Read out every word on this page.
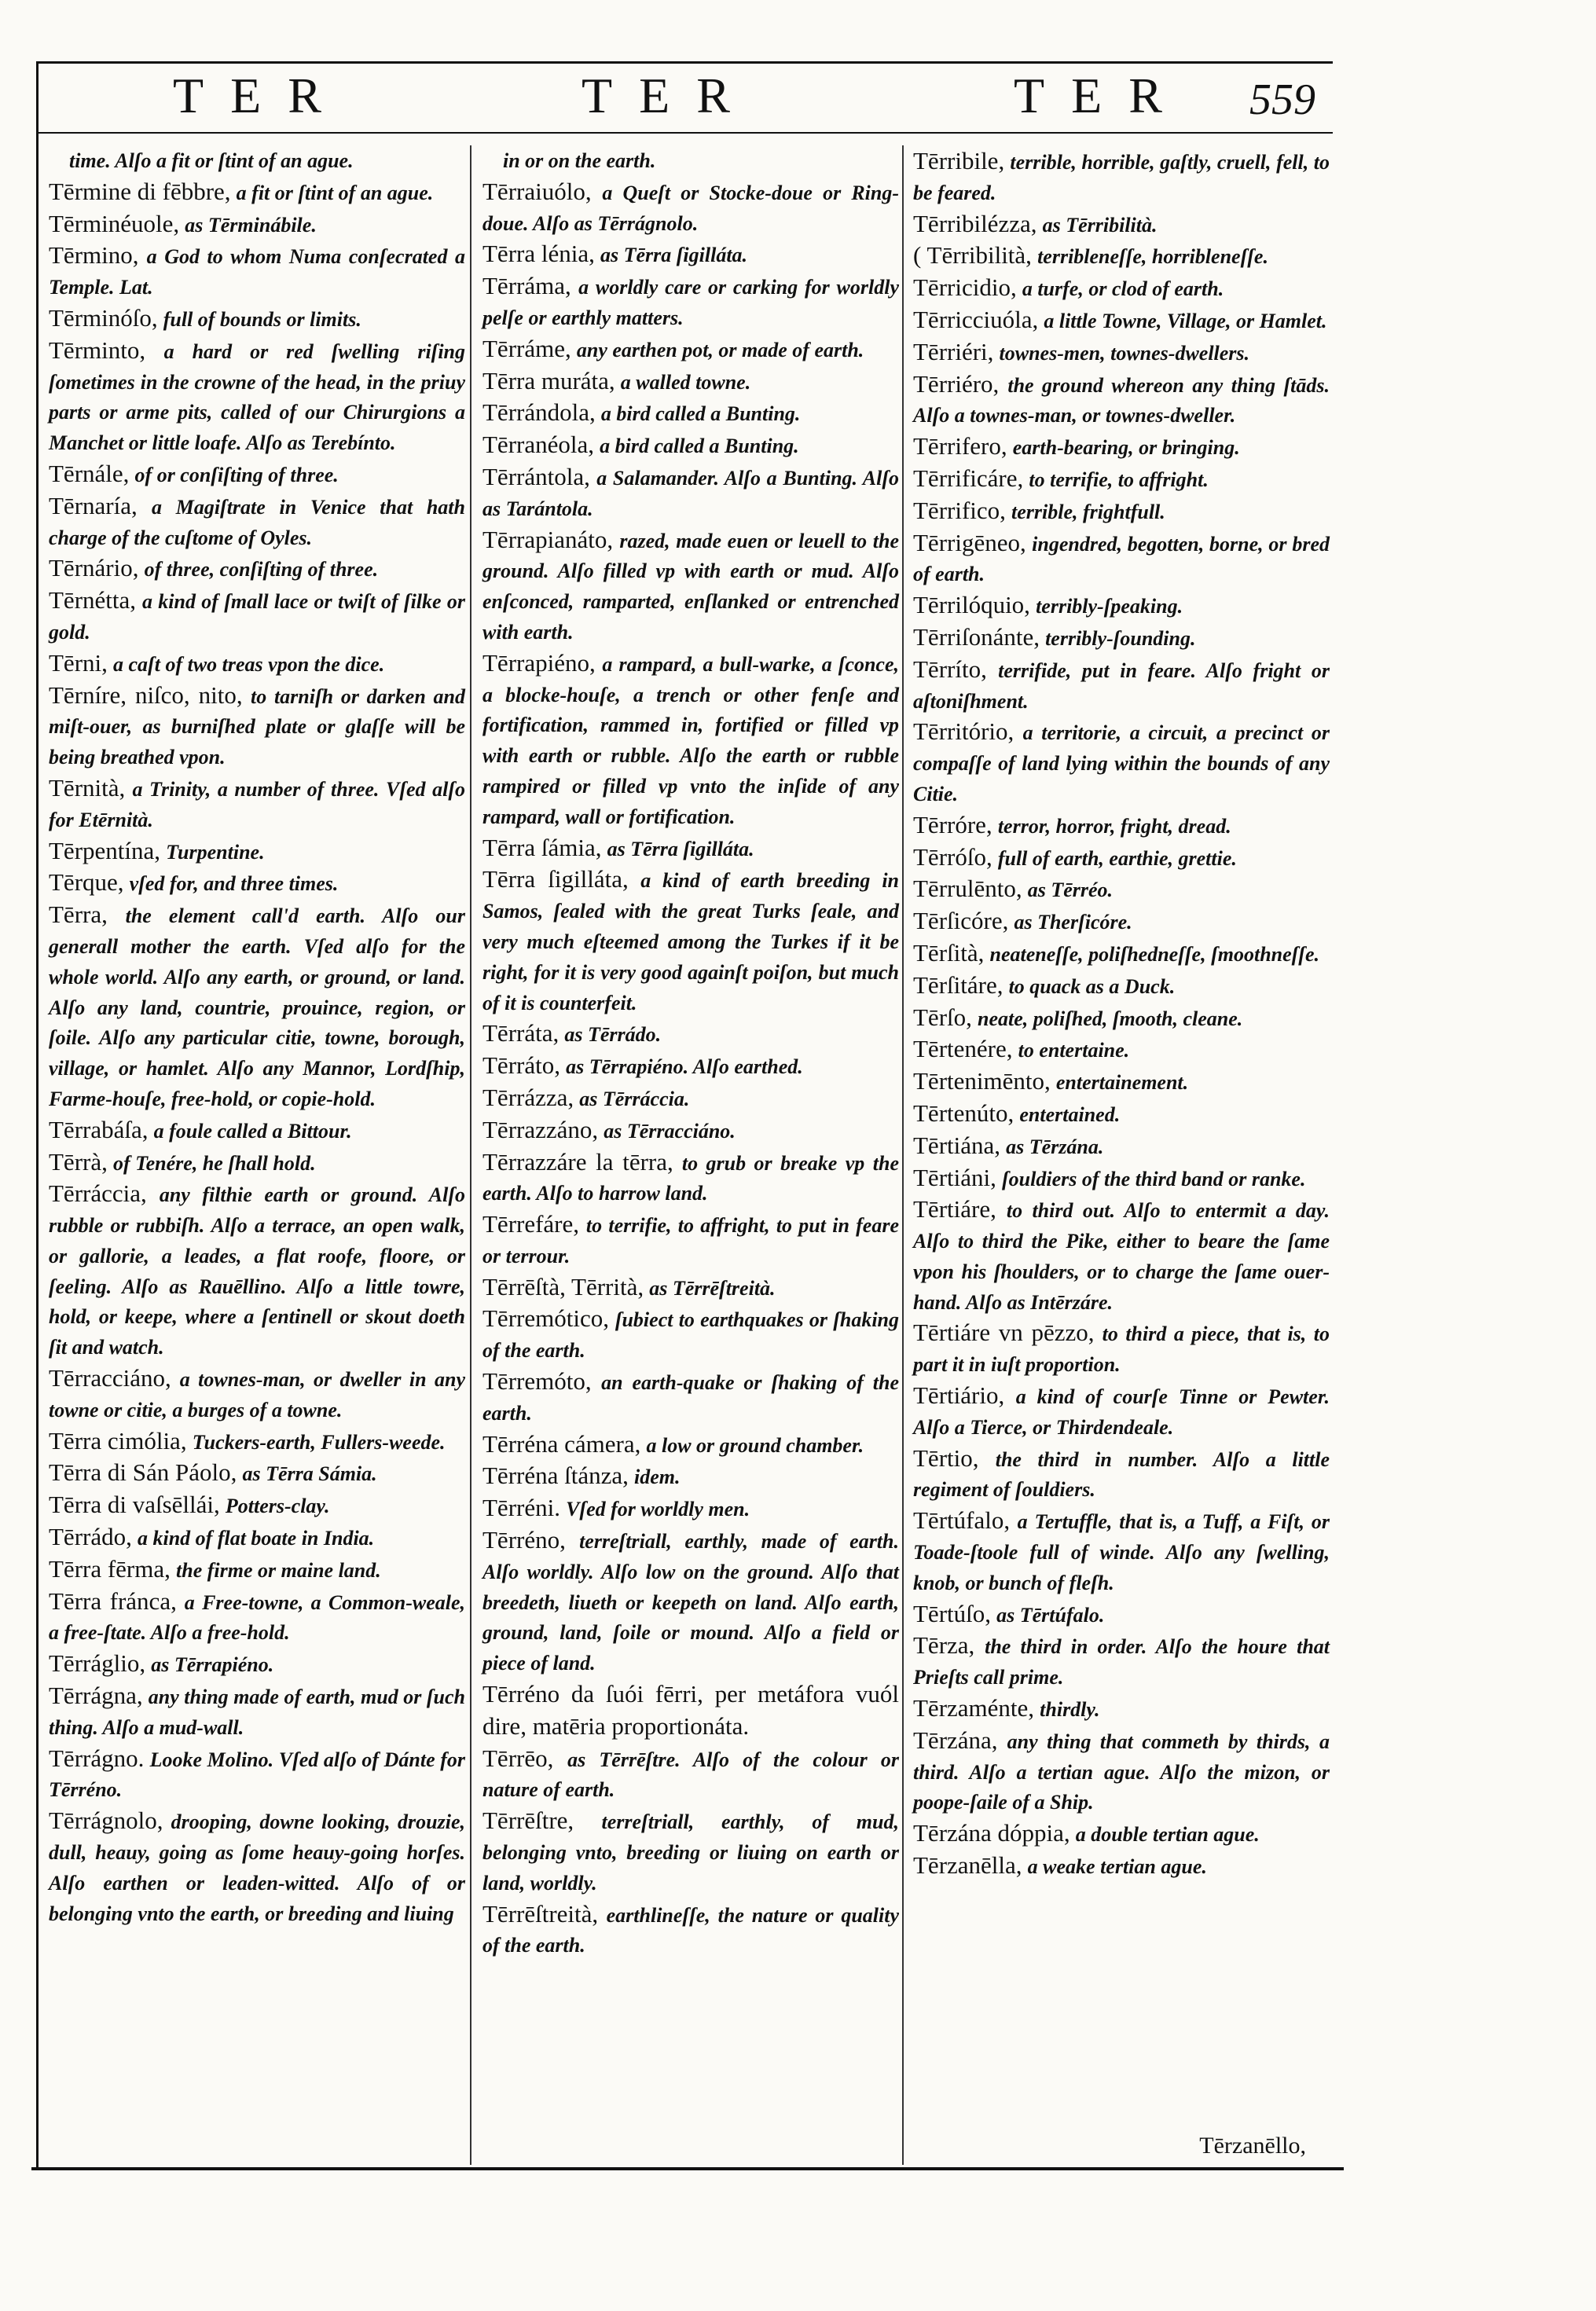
TER	TER	TER 559

time. Alſo a fit or ſtint of an ague.

Tērmine di fēbbre, a fit or ſtint of an ague.

Tērminéuole, as Tērminábile.

Tērmino, a God to whom Numa conſecrated a Temple. Lat.

Tērminóſo, full of bounds or limits.

Tērminto, a hard or red ſwelling riſing ſometimes in the crowne of the head, in the priuy parts or arme pits, called of our Chirurgions a Manchet or little loafe. Alſo as Terebínto.

Tērnále, of or conſiſting of three.

Tērnaría, a Magiſtrate in Venice that hath charge of the cuſtome of Oyles.

Tērnário, of three, conſiſting of three.

Tērnétta, a kind of ſmall lace or twiſt of ſilke or gold.

Tērni, a caſt of two treas vpon the dice.

Tērníre, niſco, nito, to tarniſh or darken and miſt-ouer, as burniſhed plate or glaſſe will be being breathed vpon.

Tērnità, a Trinity, a number of three. Vſed alſo for Etērnità.

Tērpentína, Turpentine.

Tērque, vſed for, and three times.

Tērra, the element call'd earth. Alſo our generall mother the earth. Vſed alſo for the whole world. Alſo any earth, or ground, or land. Alſo any land, countrie, prouince, region, or ſoile. Alſo any particular citie, towne, borough, village, or hamlet. Alſo any Mannor, Lordſhip, Farme-houſe, free-hold, or copie-hold.

Tērrabáſa, a foule called a Bittour.

Tērrà, of Tenére, he ſhall hold.

Tērráccia, any filthie earth or ground. Alſo rubble or rubbiſh. Alſo a terrace, an open walk, or gallorie, a leades, a flat roofe, floore, or ſeeling. Alſo as Rauēllino. Alſo a little towre, hold, or keepe, where a ſentinell or skout doeth ſit and watch.

Tērracciáno, a townes-man, or dweller in any towne or citie, a burges of a towne.

Tērra cimólia, Tuckers-earth, Fullers-weede.

Tērra di Sán Páolo, as Tērra Sámia.

Tērra di vaſsēllái, Potters-clay.

Tērrádo, a kind of flat boate in India.

Tērra fērma, the firme or maine land.

Tērra fránca, a Free-towne, a Common-weale, a free-ſtate. Alſo a free-hold.

Tērráglio, as Tērrapiéno.

Tērrágna, any thing made of earth, mud or ſuch thing. Alſo a mud-wall.

Tērrágno. Looke Molino. Vſed alſo of Dánte for Tērréno.

Tērrágnolo, drooping, downe looking, drouzie, dull, heauy, going as ſome heauy-going horſes. Alſo earthen or leaden-witted. Alſo of or belonging vnto the earth, or breeding and liuing

in or on the earth.

Tērraiuólo, a Queſt or Stocke-doue or Ring-doue. Alſo as Tērrágnolo.

Tērra lénia, as Tērra ſigilláta.

Tērráma, a worldly care or carking for worldly pelſe or earthly matters.

Tērráme, any earthen pot, or made of earth.

Tērra muráta, a walled towne.

Tērrándola, a bird called a Bunting.

Tērranéola, a bird called a Bunting.

Tērrántola, a Salamander. Alſo a Bunting. Alſo as Tarántola.

Tērrapianáto, razed, made euen or leuell to the ground. Alſo filled vp with earth or mud. Alſo enſconced, ramparted, enſlanked or entrenched with earth.

Tērrapiéno, a rampard, a bull-warke, a ſconce, a blocke-houſe, a trench or other fenſe and fortification, rammed in, fortified or filled vp with earth or rubble. Alſo the earth or rubble rampired or filled vp vnto the inſide of any rampard, wall or fortification.

Tērra ſámia, as Tērra ſigilláta.

Tērra ſigilláta, a kind of earth breeding in Samos, ſealed with the great Turks ſeale, and very much eſteemed among the Turkes if it be right, for it is very good againſt poiſon, but much of it is counterfeit.

Tērráta, as Tērrádo.

Tērráto, as Tērrapiéno. Alſo earthed.

Tērrázza, as Tērráccia.

Tērrazzáno, as Tērracciáno.

Tērrazzáre la tērra, to grub or breake vp the earth. Alſo to harrow land.

Tērrefáre, to terrifie, to affright, to put in feare or terrour.

Tērrēſtà, Tērrità, as Tērrēſtreità.

Tērremótico, ſubiect to earthquakes or ſhaking of the earth.

Tērremóto, an earth-quake or ſhaking of the earth.

Tērréna cámera, a low or ground chamber.

Tērréna ſtánza, idem.

Tērréni. Vſed for worldly men.

Tērréno, terreſtriall, earthly, made of earth. Alſo worldly. Alſo low on the ground. Alſo that breedeth, liueth or keepeth on land. Alſo earth, ground, land, ſoile or mound. Alſo a field or piece of land.

Tērréno da ſuói fērri, per metáfora vuól dire, matēria proportionáta.

Tērrēo, as Tērrēſtre. Alſo of the colour or nature of earth.

Tērrēſtre, terreſtriall, earthly, of mud, belonging vnto, breeding or liuing on earth or land, worldly.

Tērrēſtreità, earthlineſſe, the nature or quality of the earth.

Tērribile, terrible, horrible, gaſtly, cruell, fell, to be feared.

Tērribilézza, as Tērribilità.

( Tērribilità, terribleneſſe, horribleneſſe.

Tērricidio, a turfe, or clod of earth.

Tērricciuóla, a little Towne, Village, or Hamlet.

Tērriéri, townes-men, townes-dwellers.

Tērriéro, the ground whereon any thing ſtāds. Alſo a townes-man, or townes-dweller.

Tērrifero, earth-bearing, or bringing.

Tērrificáre, to terrifie, to affright.

Tērrifico, terrible, frightfull.

Tērrigēneo, ingendred, begotten, borne, or bred of earth.

Tērrilóquio, terribly-ſpeaking.

Tērriſonánte, terribly-ſounding.

Tērríto, terrifide, put in feare. Alſo fright or aſtoniſhment.

Tērritório, a territorie, a circuit, a precinct or compaſſe of land lying within the bounds of any Citie.

Tērróre, terror, horror, fright, dread.

Tērróſo, full of earth, earthie, grettie.

Tērrulēnto, as Tērréo.

Tērſicóre, as Therſicóre.

Tērſità, neateneſſe, poliſhedneſſe, ſmoothneſſe.

Tērſitáre, to quack as a Duck.

Tērſo, neate, poliſhed, ſmooth, cleane.

Tērtenére, to entertaine.

Tērtenimēnto, entertainement.

Tērtenúto, entertained.

Tērtiána, as Tērzána.

Tērtiáni, ſouldiers of the third band or ranke.

Tērtiáre, to third out. Alſo to entermit a day. Alſo to third the Pike, either to beare the ſame vpon his ſhoulders, or to charge the ſame ouer-hand. Alſo as Intērzáre.

Tērtiáre vn pēzzo, to third a piece, that is, to part it in iuſt proportion.

Tērtiário, a kind of courſe Tinne or Pewter. Alſo a Tierce, or Thirdendeale.

Tērtio, the third in number. Alſo a little regiment of ſouldiers.

Tērtúfalo, a Tertuffle, that is, a Tuff, a Fiſt, or Toade-ſtoole full of winde. Alſo any ſwelling, knob, or bunch of fleſh.

Tērtúſo, as Tērtúfalo.

Tērza, the third in order. Alſo the houre that Prieſts call prime.

Tērzaménte, thirdly.

Tērzána, any thing that commeth by thirds, a third. Alſo a tertian ague. Alſo the mizon, or poope-ſaile of a Ship.

Tērzána dóppia, a double tertian ague.

Tērzanēlla, a weake tertian ague.

Tērzanēllo,
